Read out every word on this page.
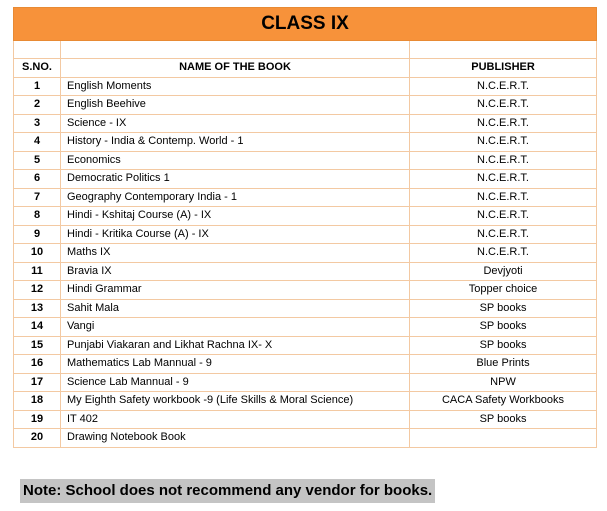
CLASS IX		

S.NO.	NAME OF THE BOOK	PUBLISHER
1	English Moments	N.C.E.R.T.
2	English Beehive	N.C.E.R.T.
3	Science - IX	N.C.E.R.T.
4	History - India & Contemp. World - 1	N.C.E.R.T.
5	Economics	N.C.E.R.T.
6	Democratic Politics 1	N.C.E.R.T.
7	Geography Contemporary India - 1	N.C.E.R.T.
8	Hindi - Kshitaj Course (A) - IX	N.C.E.R.T.
9	Hindi - Kritika Course (A) - IX	N.C.E.R.T.
10	Maths IX	N.C.E.R.T.
11	Bravia IX	Devjyoti
12	Hindi Grammar	Topper choice
13	Sahit Mala	SP books
14	Vangi	SP books
15	Punjabi Viakaran and Likhat Rachna IX- X	SP books
16	Mathematics Lab Mannual - 9	Blue Prints
17	Science Lab Mannual - 9	NPW
18	My Eighth Safety workbook -9 (Life Skills & Moral Science)	CACA Safety Workbooks
19	IT 402	SP books
20	Drawing Notebook Book	
Note: School does not recommend any vendor for books.
